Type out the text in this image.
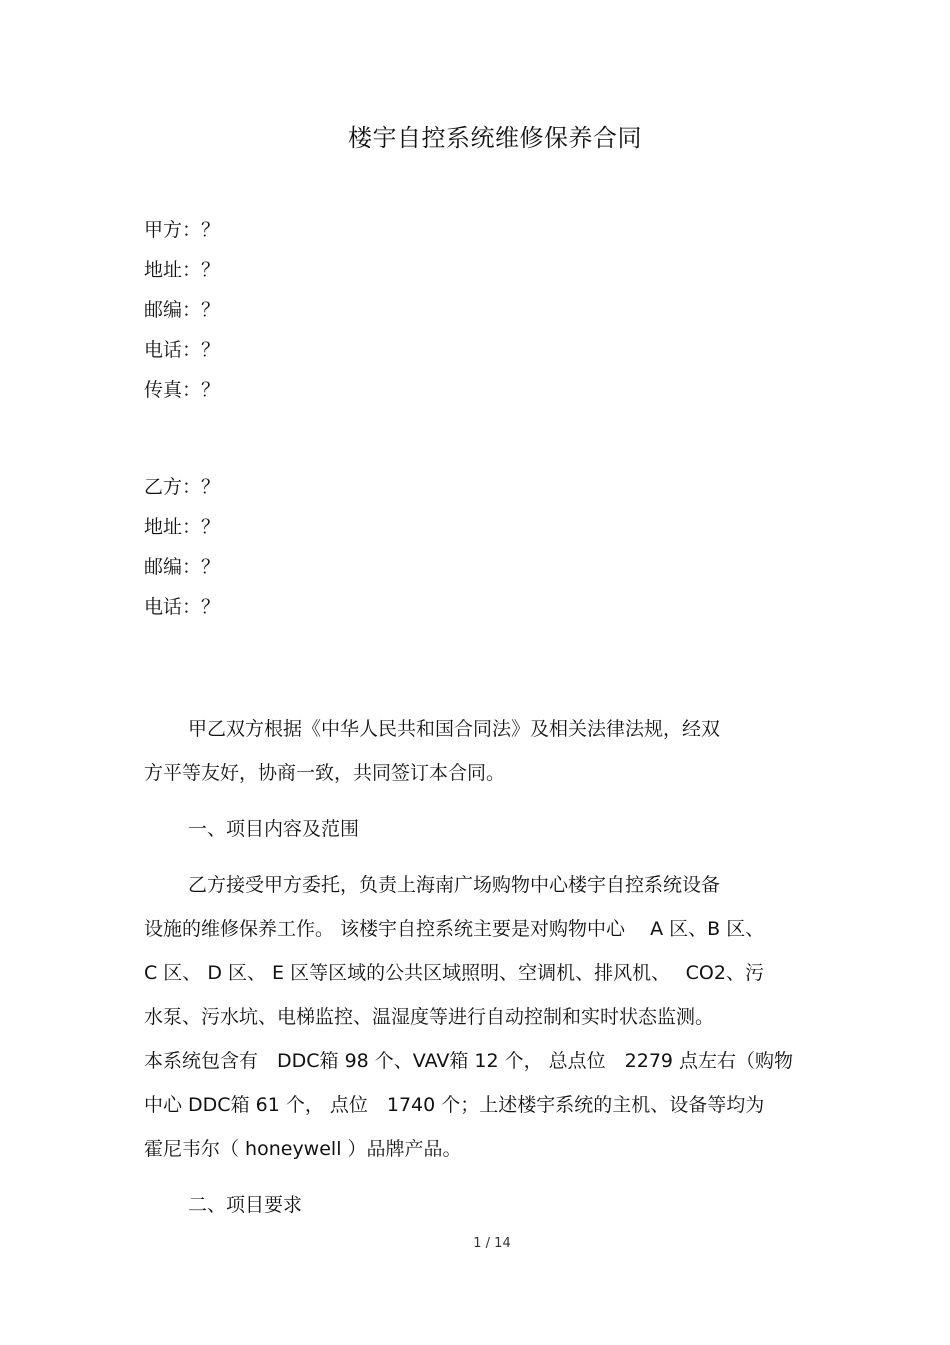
楼宇自控系统维修保养合同
甲方：？
地址：？
邮编：？
电话：？
传真：？
乙方：？
地址：？
邮编：？
电话：？
甲乙双方根据《中华人民共和国合同法》及相关法律法规，经双
方平等友好，协商一致，共同签订本合同。
一、项目内容及范围
乙方接受甲方委托，负责上海南广场购物中心楼宇自控系统设备
设施的维修保养工作。 该楼宇自控系统主要是对购物中心　 A 区、B 区、
C 区、 D 区、 E 区等区域的公共区域照明、空调机、排风机、　 CO2、污
水泵、污水坑、电梯监控、温湿度等进行自动控制和实时状态监测。
本系统包含有　DDC箱 98 个、VAV箱 12 个， 总点位　2279 点左右（购物
中心 DDC箱 61 个， 点位　1740 个；上述楼宇系统的主机、设备等均为
霍尼韦尔（ honeywell ）品牌产品。
二、项目要求
1 / 14
